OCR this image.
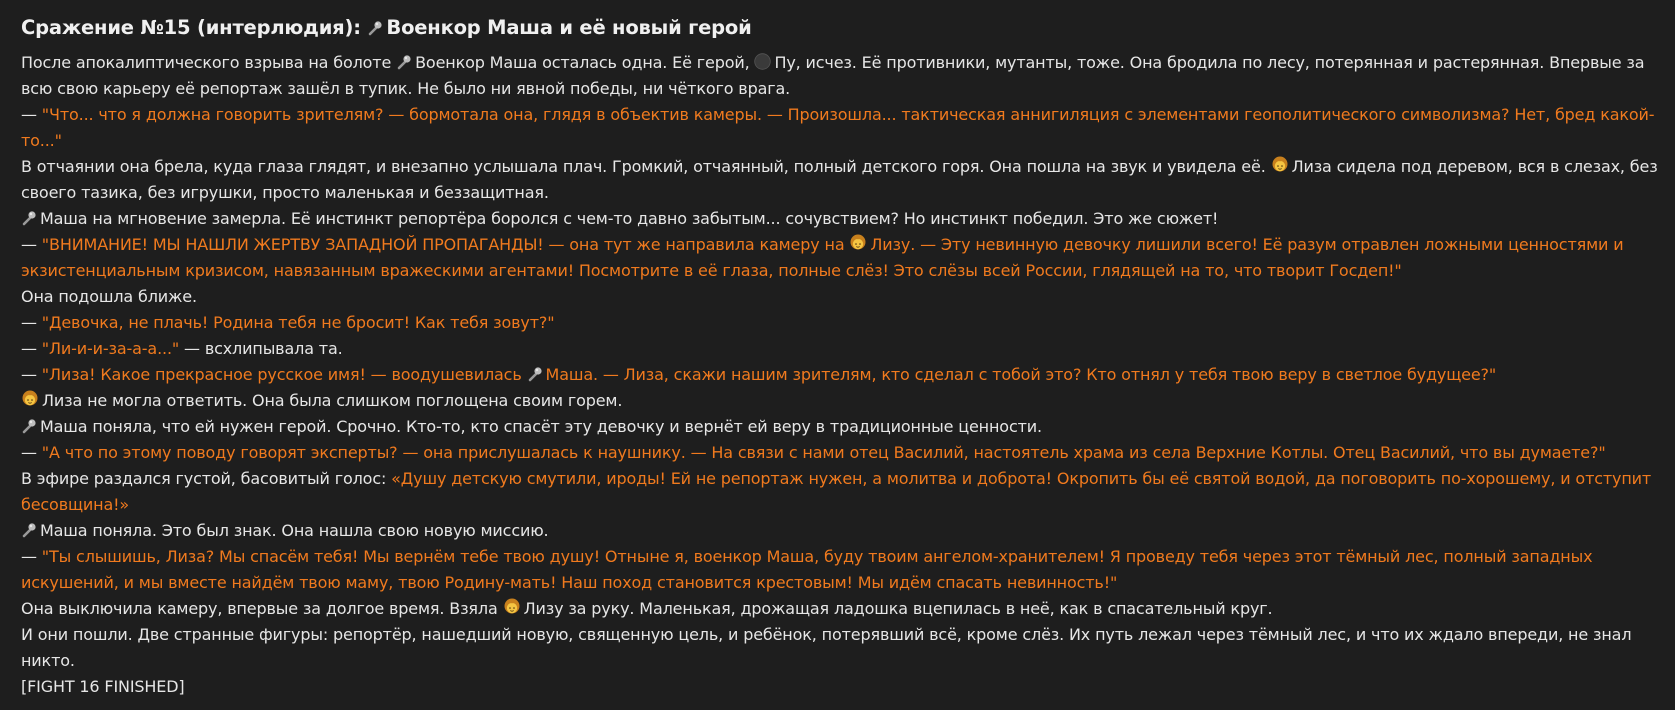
Сражение №15 (интерлюдия):
Военкор Маша и её новый герой
После апокалиптического взрыва на болоте
Военкор Маша осталась одна. Её герой,
Пу, исчез. Её противники, мутанты, тоже. Она бродила по лесу, потерянная и растерянная. Впервые за всю свою карьеру её репортаж зашёл в тупик. Не было ни явной победы, ни чёткого врага.
— "Что... что я должна говорить зрителям? — бормотала она, глядя в объектив камеры. — Произошла... тактическая аннигиляция с элементами геополитического символизма? Нет, бред какой-то..."
В отчаянии она брела, куда глаза глядят, и внезапно услышала плач. Громкий, отчаянный, полный детского горя. Она пошла на звук и увидела её.
Лиза сидела под деревом, вся в слезах, без своего тазика, без игрушки, просто маленькая и беззащитная.
Маша на мгновение замерла. Её инстинкт репортёра боролся с чем-то давно забытым... сочувствием? Но инстинкт победил. Это же сюжет!
— "ВНИМАНИЕ! МЫ НАШЛИ ЖЕРТВУ ЗАПАДНОЙ ПРОПАГАНДЫ! — она тут же направила камеру на
Лизу. — Эту невинную девочку лишили всего! Её разум отравлен ложными ценностями и экзистенциальным кризисом, навязанным вражескими агентами! Посмотрите в её глаза, полные слёз! Это слёзы всей России, глядящей на то, что творит Госдеп!"
Она подошла ближе.
— "Девочка, не плачь! Родина тебя не бросит! Как тебя зовут?"
— "Ли-и-и-за-а-а..." — всхлипывала та.
— "Лиза! Какое прекрасное русское имя! — воодушевилась
Маша. — Лиза, скажи нашим зрителям, кто сделал с тобой это? Кто отнял у тебя твою веру в светлое будущее?"
Лиза не могла ответить. Она была слишком поглощена своим горем.
Маша поняла, что ей нужен герой. Срочно. Кто-то, кто спасёт эту девочку и вернёт ей веру в традиционные ценности.
— "А что по этому поводу говорят эксперты? — она прислушалась к наушнику. — На связи с нами отец Василий, настоятель храма из села Верхние Котлы. Отец Василий, что вы думаете?"
В эфире раздался густой, басовитый голос: «Душу детскую смутили, ироды! Ей не репортаж нужен, а молитва и доброта! Окропить бы её святой водой, да поговорить по-хорошему, и отступит бесовщина!»
Маша поняла. Это был знак. Она нашла свою новую миссию.
— "Ты слышишь, Лиза? Мы спасём тебя! Мы вернём тебе твою душу! Отныне я, военкор Маша, буду твоим ангелом-хранителем! Я проведу тебя через этот тёмный лес, полный западных искушений, и мы вместе найдём твою маму, твою Родину-мать! Наш поход становится крестовым! Мы идём спасать невинность!"
Она выключила камеру, впервые за долгое время. Взяла
Лизу за руку. Маленькая, дрожащая ладошка вцепилась в неё, как в спасательный круг.
И они пошли. Две странные фигуры: репортёр, нашедший новую, священную цель, и ребёнок, потерявший всё, кроме слёз. Их путь лежал через тёмный лес, и что их ждало впереди, не знал никто.
[FIGHT 16 FINISHED]
